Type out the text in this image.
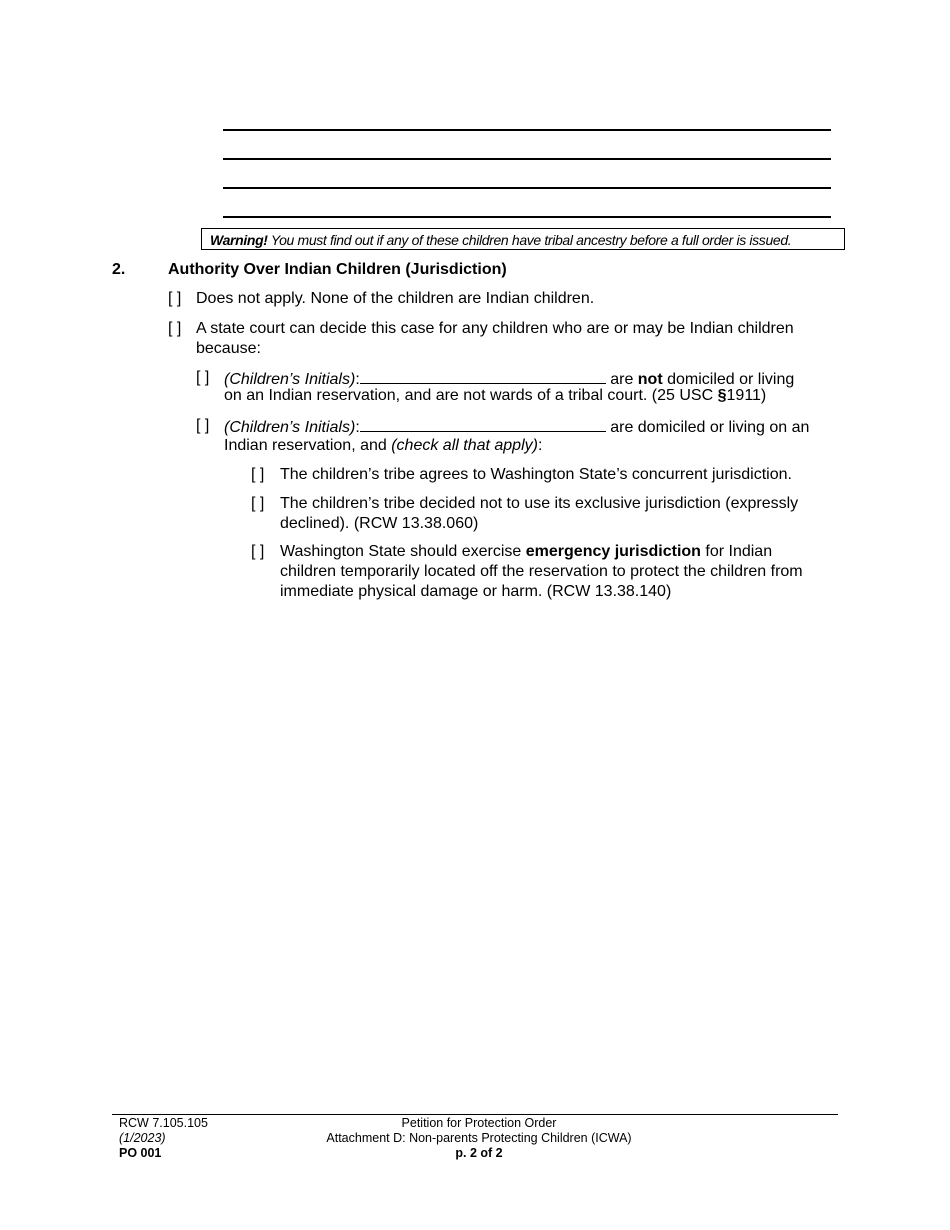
Warning! You must find out if any of these children have tribal ancestry before a full order is issued.
2.	Authority Over Indian Children (Jurisdiction)
[ ] Does not apply. None of the children are Indian children.
[ ] A state court can decide this case for any children who are or may be Indian children
because:
[ ] (Children’s Initials):	are not domiciled or living
on an Indian reservation, and are not wards of a tribal court. (25 USC §1911)
[ ] (Children’s Initials):	are domiciled or living on an
Indian reservation, and (check all that apply):
[ ] The children’s tribe agrees to Washington State’s concurrent jurisdiction.
[ ] The children’s tribe decided not to use its exclusive jurisdiction (expressly
declined). (RCW 13.38.060)
[ ] Washington State should exercise emergency jurisdiction for Indian
children temporarily located off the reservation to protect the children from
immediate physical damage or harm. (RCW 13.38.140)
RCW 7.105.105
(1/2023)
PO 001
Petition for Protection Order
Attachment D: Non-parents Protecting Children (ICWA)
p. 2 of 2
